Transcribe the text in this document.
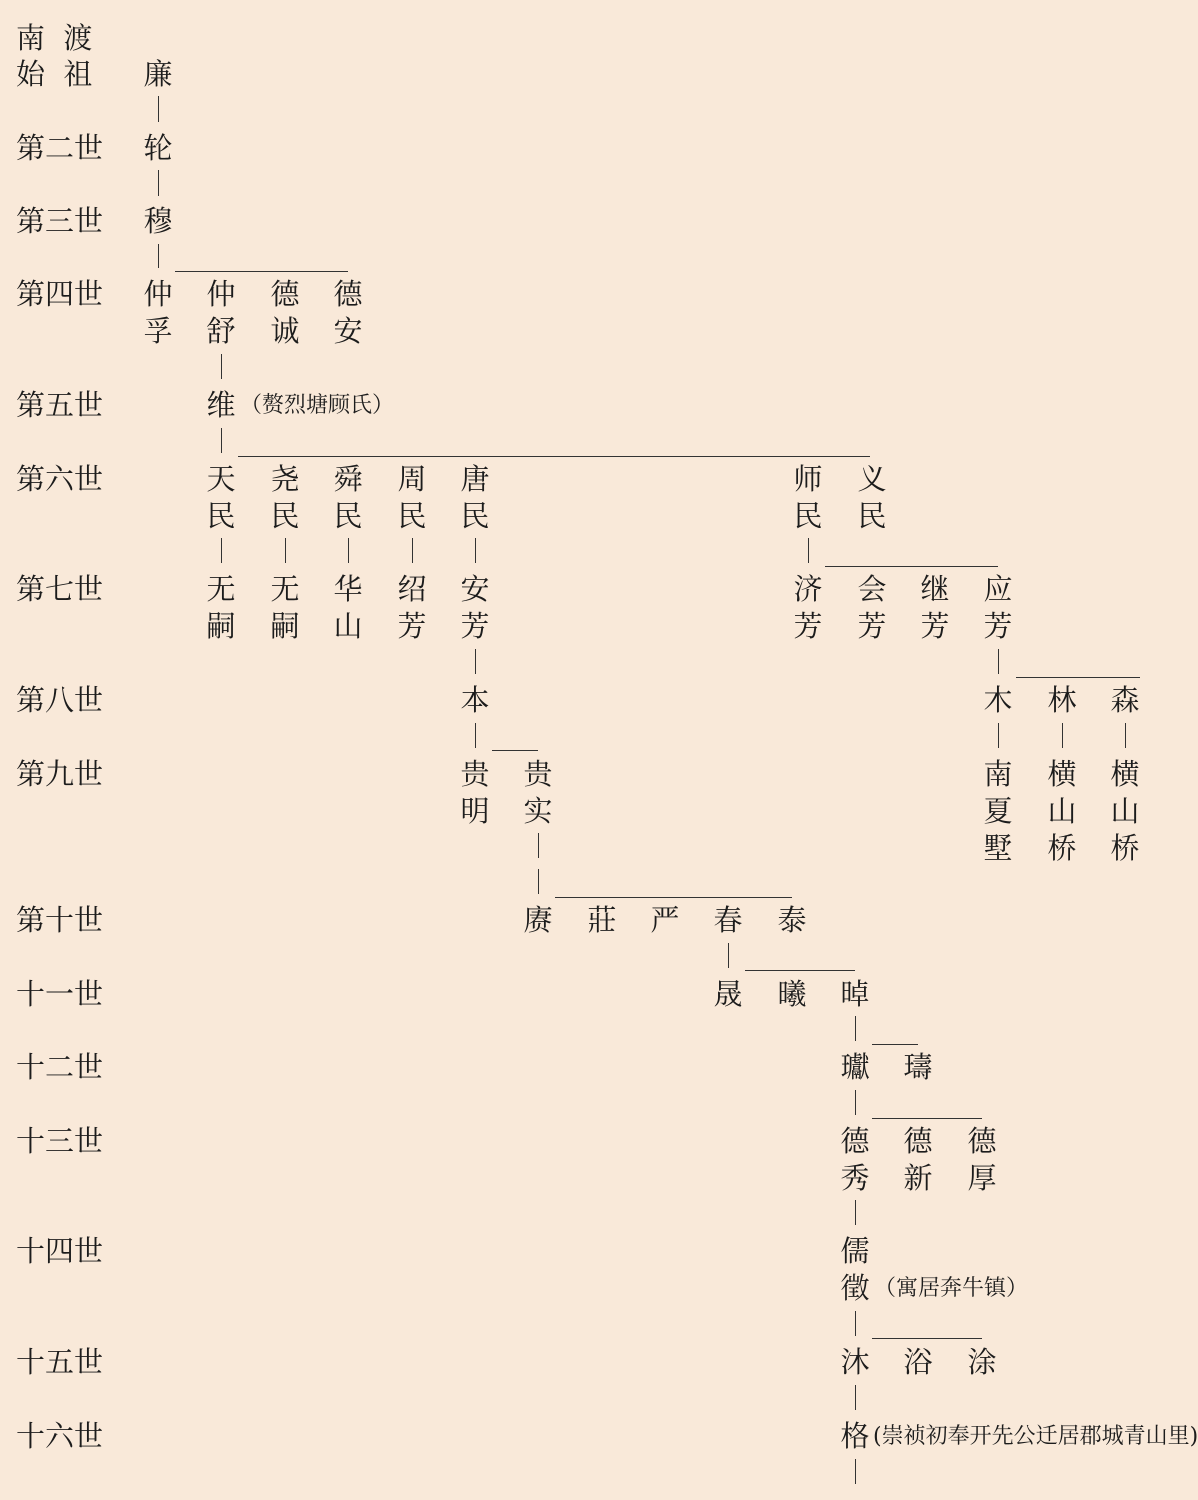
南  渡
始  祖
第二世
第三世
第四世
第五世
第六世
第七世
第八世
第九世
第十世
十一世
十二世
十三世
十四世
十五世
十六世
廉
轮
穆
仲
孚
仲
舒
德
诚
德
安
维
天
民
尧
民
舜
民
周
民
唐
民
师
民
义
民
无
嗣
无
嗣
华
山
绍
芳
安
芳
济
芳
会
芳
继
芳
应
芳
本	木 林 森
贵
明
贵
实
南
夏
墅
横
山
桥
横
山
桥
赓 莊 严 春 泰
晟 曦 晫
瓛 璹
德
秀
德
新
德
厚
儒
徵
沐 浴 涂
格
（赘烈塘顾氏）
（寓居奔牛镇）
(崇祯初奉开先公迁居郡城青山里)
